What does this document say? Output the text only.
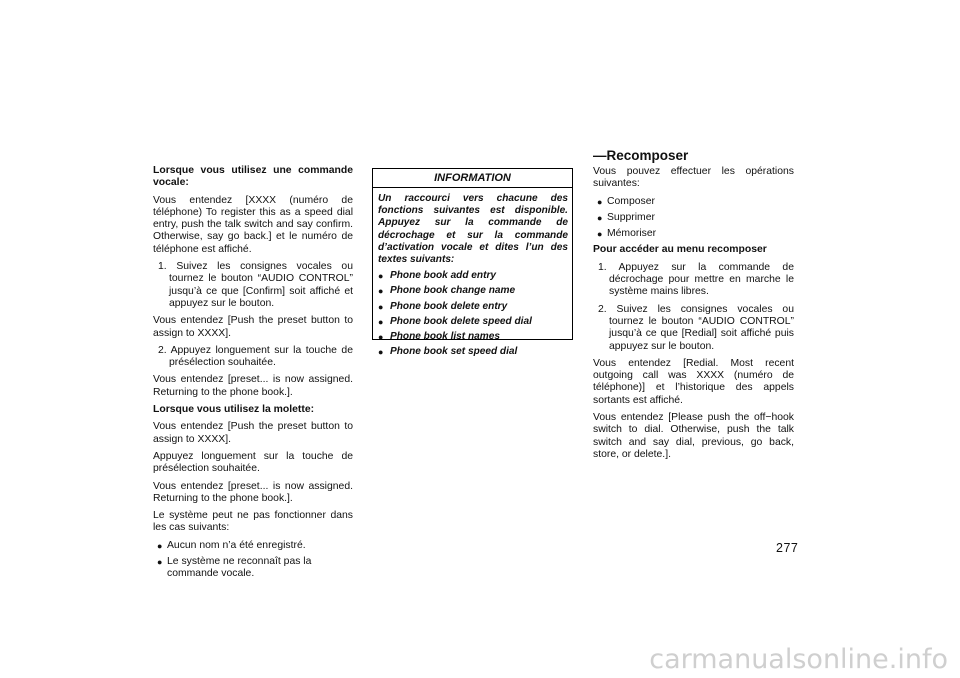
Lorsque vous utilisez une commande vocale:

Vous entendez [XXXX (numéro de téléphone) To register this as a speed dial entry, push the talk switch and say confirm. Otherwise, say go back.] et le numéro de téléphone est affiché.

1. Suivez les consignes vocales ou tournez le bouton “AUDIO CONTROL” jusqu’à ce que [Confirm] soit affiché et appuyez sur le bouton.

Vous entendez [Push the preset button to assign to XXXX].

2. Appuyez longuement sur la touche de présélection souhaitée.

Vous entendez [preset... is now assigned. Returning to the phone book.].

Lorsque vous utilisez la molette:

Vous entendez [Push the preset button to assign to XXXX].

Appuyez longuement sur la touche de présélection souhaitée.

Vous entendez [preset... is now assigned. Returning to the phone book.].

Le système peut ne pas fonctionner dans les cas suivants:

● Aucun nom n’a été enregistré.
● Le système ne reconnaît pas la commande vocale.
INFORMATION

Un raccourci vers chacune des fonctions suivantes est disponible. Appuyez sur la commande de décrochage et sur la commande d’activation vocale et dites l’un des textes suivants:

● Phone book add entry
● Phone book change name
● Phone book delete entry
● Phone book delete speed dial
● Phone book list names
● Phone book set speed dial
—Recomposer

Vous pouvez effectuer les opérations suivantes:

● Composer
● Supprimer
● Mémoriser

Pour accéder au menu recomposer

1. Appuyez sur la commande de décrochage pour mettre en marche le système mains libres.

2. Suivez les consignes vocales ou tournez le bouton “AUDIO CONTROL” jusqu’à ce que [Redial] soit affiché puis appuyez sur le bouton.

Vous entendez [Redial. Most recent outgoing call was XXXX (numéro de téléphone)] et l’historique des appels sortants est affiché.

Vous entendez [Please push the off−hook switch to dial. Otherwise, push the talk switch and say dial, previous, go back, store, or delete.].

277
carmanualsonline.info
